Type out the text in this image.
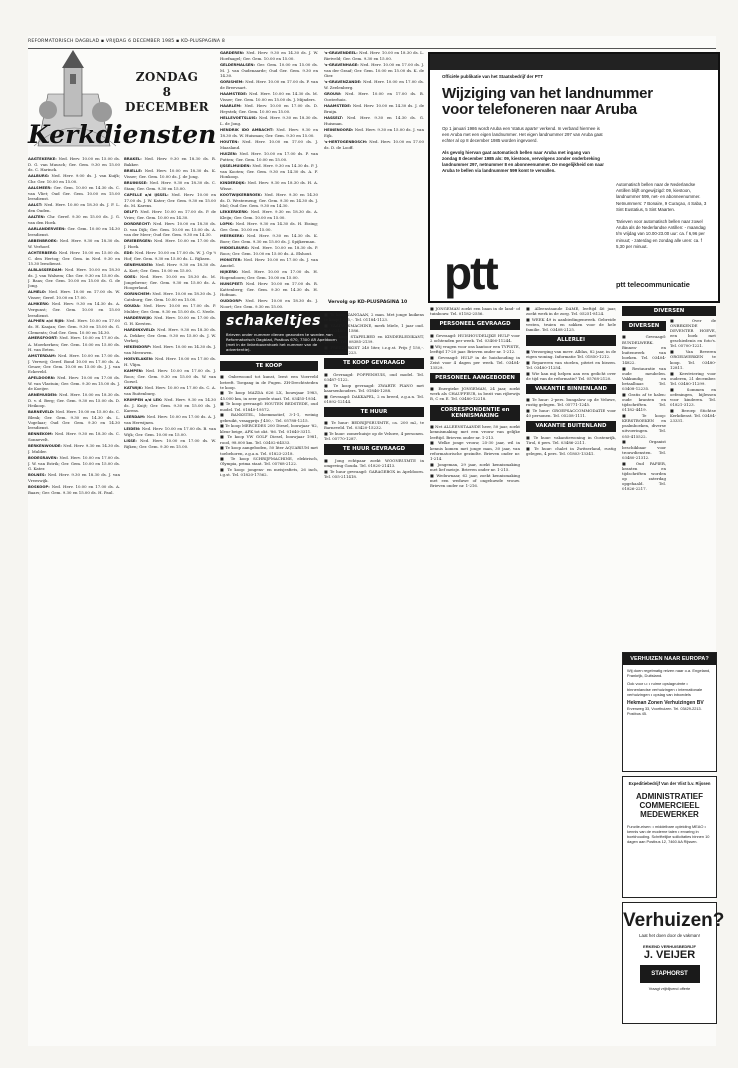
REFORMATORISCH DAGBLAD ▪ VRIJDAG 6 DECEMBER 1985 ▪ KD-PLUSPAGINA 8
Kerkdiensten
ZONDAG
8 DECEMBER

AAGTEKERKE: Ned. Herv. 10.00 en 15.00 ds. D. G. van Muusch; Ger. Gem. 9.30 en 15.00 ds. C. Harinck.

AALBURG: Ned. Herv. 9.00 ds. J. van Kuijk; Chr. Ger. 10.00 en 15.00.

AALSMEER: Ger. Gem. 10.00 en 14.30 ds. C. van Vliet; Oud Ger. Gem. 10.00 en 15.00 leesdienst.

AALST: Ned. Herv. 10.00 en 18.30 ds. J. F. L. den Ouden.

AALTEN: Chr. Geref. 9.30 en 15.00 ds. J. G. van den Hoek.

AARLANDERVEEN: Ger. Gem. 10.00 en 14.30 leesdienst.

ABBENBROEK: Ned. Herv. 9.30 en 18.30 ds. W. Verhoef.

ACHTERBERG: Ned. Herv. 10.00 en 15.00 ds. C. den Hertog; Ger. Gem. in Ned. 9.30 en 15.30 leesdienst.

ALBLASSERDAM: Ned. Herv. 10.00 en 18.30 ds. J. van Walsem; Chr. Ger. 9.30 en 15.00 ds. J. Baas; Ger. Gem. 10.00 en 15.00 ds. G. de Jong.

ALMELO: Ned. Herv. 10.00 en 17.00 ds. W. Visser; Geref. 10.00 en 17.00.

ALMKERK: Ned. Herv. 9.30 en 14.30 ds. A. Vergunst; Ger. Gem. 10.00 en 15.00 leesdienst.

ALPHEN a/d RIJN: Ned. Herv. 10.00 en 17.00 ds. H. Kaajan; Ger. Gem. 9.30 en 15.00 ds. G. Clements; Oud Ger. Gem. 10.00 en 14.30.

AMERSFOORT: Ned. Herv. 10.00 en 17.00 ds. A. Moerkerken; Ger. Gem. 10.00 en 15.00 ds. H. van Eeten.

AMSTERDAM: Ned. Herv. 10.00 en 17.00 ds. J. Verweij; Geref. Bond 10.00 en 17.00 ds. A. Geuze; Ger. Gem. 10.00 en 15.00 ds. J. J. van Eckeveld.

APELDOORN: Ned. Herv. 10.00 en 17.00 ds. W. van Vlastuin; Ger. Gem. 9.30 en 15.00 ds. J. de Koeijer.

ARNEMUIDEN: Ned. Herv. 10.00 en 18.30 ds. D. v. d. Berg; Ger. Gem. 9.30 en 15.00 ds. D. Heikoop.

BARNEVELD: Ned. Herv. 10.00 en 15.00 ds. C. Blenk; Ger. Gem. 9.30 en 14.30 ds. L. Vogelaar; Oud Ger. Gem. 9.30 en 14.30 leesdienst.

BENNEKOM: Ned. Herv. 9.30 en 18.30 ds. C. Sonnevelt.

BERKENWOUDE: Ned. Herv. 9.30 en 14.30 ds. J. Mulder.

BODEGRAVEN: Ned. Herv. 10.00 en 17.00 ds. J. W. van Estrik; Ger. Gem. 10.00 en 15.00 ds. G. Kater.

BOLNES: Ned. Herv. 9.30 en 18.30 ds. J. van Vreeswijk.

BOSKOOP: Ned. Herv. 10.00 en 17.00 ds. A. Baars; Ger. Gem. 9.30 en 15.00 ds. H. Paul.

BRAKEL: Ned. Herv. 9.30 en 18.30 ds. R. Bakker.

BRIELLE: Ned. Herv. 10.00 en 18.30 ds. K. Visser; Ger. Gem. 10.00 ds. J. de Jong.

BRUINISSE: Ned. Herv. 9.30 en 18.30 ds. C. Stam; Ger. Gem. 9.30 en 15.00.

CAPELLE a/d IJSSEL: Ned. Herv. 10.00 en 17.00 ds. J. W. Kater; Ger. Gem. 9.30 en 15.00 ds. M. Karens.

DELFT: Ned. Herv. 10.00 en 17.00 ds. P. de Vries; Ger. Gem. 10.00 en 14.30.

DORDRECHT: Ned. Herv. 10.00 en 18.30 ds. D. van Dijk; Ger. Gem. 10.00 en 15.00 ds. A. van der Meer; Oud Ger. Gem. 9.30 en 14.30.

DRIEBERGEN: Ned. Herv. 10.00 en 17.00 ds. J. Hoek.

EDE: Ned. Herv. 10.00 en 17.00 ds. W. J. Op 't Hof; Ger. Gem. 9.30 en 15.00 ds. L. Rijksen.

GENEMUIDEN: Ned. Herv. 9.30 en 18.30 ds. A. Kort; Ger. Gem. 10.00 en 15.00.

GOES: Ned. Herv. 10.00 en 18.30 ds. M. Jongebreur; Ger. Gem. 9.30 en 15.00 ds. A. Hoogerland.

GORINCHEM: Ned. Herv. 10.00 en 18.30 ds. J. Catsburg; Ger. Gem. 10.00 en 15.00.

GOUDA: Ned. Herv. 10.00 en 17.00 ds. P. Mulder; Ger. Gem. 9.30 en 15.00 ds. C. Neele.

HARDERWIJK: Ned. Herv. 10.00 en 17.00 ds. G. H. Kersten.

HARDINXVELD: Ned. Herv. 9.30 en 18.30 ds. A. Dekker; Ger. Gem. 9.30 en 15.00 ds. J. W. Verheij.

HEKENDORP: Ned. Herv. 10.00 en 14.30 ds. J. van Meeuwen.

HOEVELAKEN: Ned. Herv. 10.00 en 17.00 ds. H. Vlijm.

KAMPEN: Ned. Herv. 10.00 en 17.00 ds. J. Roos; Ger. Gem. 9.30 en 15.00 ds. W. van Gorsel.

KATWIJK: Ned. Herv. 10.00 en 17.00 ds. C. A. van Ruitenburg.

KRIMPEN a/d LEK: Ned. Herv. 9.30 en 14.30 ds. J. Kuijt; Ger. Gem. 9.30 en 15.00 ds. J. Karens.

LEERDAM: Ned. Herv. 10.00 en 17.00 ds. A. J. van Herwijnen.

LEIDEN: Ned. Herv. 10.00 en 17.00 ds. B. van Wijk; Ger. Gem. 10.00 en 15.00.

LISSE: Ned. Herv. 10.00 en 17.00 ds. W. Rijken; Ger. Gem. 9.30 en 15.00.

GARDEREN: Ned. Herv. 9.30 en 14.30 ds. J. W. Hoefnagel; Ger. Gem. 10.00 en 15.00.

GELDERMALSEN: Ger. Gem. 10.00 en 15.00 ds. M. J. van Oudenaarde; Oud Ger. Gem. 9.30 en 14.30.

GORISHEM: Ned. Herv. 10.00 en 17.00 ds. P. van de Breevaart.

HAAMSTEDE: Ned. Herv. 10.00 en 14.30 ds. M. Visser; Ger. Gem. 10.00 en 15.00 ds. J. Mijnders.

HAARLEM: Ned. Herv. 10.00 en 17.00 ds. D. Heystek; Ger. Gem. 10.00 en 15.00.

HELLEVOETSLUIS: Ned. Herv. 9.30 en 18.30 ds. L. de Jong.

HENDRIK IDO AMBACHT: Ned. Herv. 9.30 en 18.30 ds. W. Huisman; Ger. Gem. 9.30 en 15.00.

HOUTEN: Ned. Herv. 10.00 en 17.00 ds. J. Maasland.

HUIZEN: Ned. Herv. 10.00 en 17.00 ds. P. van Putten; Ger. Gem. 10.00 en 15.00.

IJSSELMUIDEN: Ned. Herv. 9.30 en 14.30 ds. P. J. van Kooten; Ger. Gem. 9.30 en 14.30 ds. A. F. Honkoop.

KINDERDIJK: Ned. Herv. 9.30 en 18.30 ds. H. A. Wisse.

KOOTWIJKERBROEK: Ned. Herv. 9.30 en 14.30 ds. D. Westerneng; Ger. Gem. 9.30 en 14.30 ds. J. Mol; Oud Ger. Gem. 9.30 en 14.30.

LEKKERKERK: Ned. Herv. 9.30 en 18.30 ds. A. Kleijn; Ger. Gem. 10.00 en 15.00.

LOPIK: Ned. Herv. 9.30 en 14.30 ds. H. Eising; Ger. Gem. 10.00 en 15.00.

MEERKERK: Ned. Herv. 9.30 en 14.30 ds. K. Boer; Ger. Gem. 9.30 en 15.00 ds. J. Spijkerman.

MIDDELBURG: Ned. Herv. 10.00 en 18.30 ds. P. Roos; Ger. Gem. 10.00 en 15.00 ds. A. Elshout.

MONSTER: Ned. Herv. 10.00 en 17.00 ds. J. van Amstel.

NIJKERK: Ned. Herv. 10.00 en 17.00 ds. H. Hogendoorn; Ger. Gem. 10.00 en 15.00.

NUNSPEET: Ned. Herv. 10.00 en 17.00 ds. R. Kattenberg; Ger. Gem. 9.30 en 14.30 ds. H. Hofman.

OUDDORP: Ned. Herv. 10.00 en 18.30 ds. J. Noort; Ger. Gem. 9.30 en 15.00.

's-GRAVENDEEL: Ned. Herv. 10.00 en 18.30 ds. L. Rietveld; Ger. Gem. 9.30 en 15.00.

's-GRAVENHAGE: Ned. Herv. 10.00 en 17.00 ds. J. van der Graaf; Ger. Gem. 10.00 en 15.00 ds. K. de Gier.

's-GRAVENZANDE: Ned. Herv. 10.00 en 17.00 ds. W. Zeelenberg.

GROUW: Ned. Herv. 10.00 en 17.00 ds. B. Oosterhuis.

HAAMSTEDE: Ned. Herv. 10.00 en 14.30 ds. J. de Bruijn.

HASSELT: Ned. Herv. 9.30 en 14.30 ds. G. Huisman.

HEINENOORD: Ned. Herv. 9.30 en 15.00 ds. J. van Eijk.

's-HERTOGENBOSCH: Ned. Herv. 10.00 en 17.00 ds. D. de Looff.

Vervolg op KD-PLUSPAGINA 10
Officiële publikatie van het Staatsbedrijf der PTT
Wijziging van het landnummer
voor telefoneren naar Aruba

Op 1 januari 1986 wordt Aruba een 'status aparte' verkend. In verband hiermee is een Aruba met een eigen landnummer. Het eigen landnummer 297 van Aruba gaat echter al op 8 december 1985 worden ingevoerd.

Als gevolg hiervan gaat automatisch bellen naar Aruba met ingang van zondag 8 december 1985 als: 09, kiestoon, vervolgens zonder onderbreking landnummer 297, netnummer 8 en abonneenummer. De mogelijkheid om naar Aruba te bellen via landnummer 599 komt te vervallen.

Automatisch bellen naar de Nederlandse Antillen blijft ongewijzigd: 09, kiestoon, landnummer 599, net- en abonneenummer. Netnummers: 7 Bonaire, 9 Curaçao, 4 Saba, 3 Sint Eustatius, 5 Sint Maarten.

Tarieven voor automatisch bellen naar zowel Aruba als de Nederlandse Antillen: - maandag t/m vrijdag van 10.00-23.00 uur: ca. f 6,96 per minuut; - zaterdag en zondag alle uren: ca. f 5,30 per minuut.

ptt	ptt telecommunicatie
schakeltjes
Brieven onder nummer dienen gezonden te worden aan Reformatorisch Dagblad, Postbus 670, 7300 AR Apeldoorn (met in de linkerbovenhoek het nummer van de advertentie).
TE KOOP

■ Onbewoond tot kunst, leest een Voerveld betreft. Toegang in de Fugen. ZH-Drechtsteden te koop.

■ Te koop MAZDA 626 LX, bouwjaar 1983, 45.000 km, in zeer goede staat. Tel. 03455-1934.

■ Te koop gevraagd: HOUTEN BEDSTEDE, oud model. Tel. 01840-19572.

■ BANKSTEL, bloemmotief, 3-1-1, weinig gebruikt, vraagprijs ƒ 450,-. Tel. 05788-1215.

■ Te koop MERCEDES 200 Diesel, bouwjaar '82, kleur beige, APK tot okt. '86. Tel. 01640-3311.

■ Te koop VW GOLF Diesel, bouwjaar 1981, rood, 98.000 km. Tel. 03402-64533.

■ Te koop aangeboden, 50 liter AQUARIUM met toebehoren, z.g.a.n. Tel. 01823-2318.

■ Te koop SCHRIJFMACHINE, elektrisch, Olympia, prima staat. Tel. 05768-2122.

■ Te koop: jongens- en meisjesfiets, 26 inch, i.g.st. Tel. 01820-17562.

■ Te koop ZANGAAN, 2 man. Met jonge kuikens te koop ƒ 225,-. Tel. 01184-1123.

■ VAATWASMACHINE, merk Miele, 1 jaar oud. Tel. 03480-11586.

■ Te koop STAPELBED en KINDERLEDIKANT, grenen. Tel. 08385-2139.

■ FREEZERKIST 240 liter, i.z.g.st. Prijs ƒ 150,-. Tel. 01858-1223.

TE KOOP GEVRAAGD

■ Gevraagd: POPPENHUIS, oud model. Tel. 03487-1122.

■ Te koop gevraagd: ZWARTE PIANO met kaarsenhouders. Tel. 01846-1288.

■ Gevraagd: DAKKAPEL, 2 m breed, z.g.a.n. Tel. 01892-12144.

TE HUUR

■ Te huur: BEDRIJFSRUIMTE, ca. 200 m2, te Barneveld. Tel. 03420-15232.

■ Te huur: zomerhuisje op de Veluwe, 4 personen. Tel. 05770-1287.

TE HUUR GEVRAAGD

■ Jong echtpaar zoekt WOONRUIMTE in omgeving Gouda. Tel. 01820-21413.

■ Te huur gevraagd: GARAGEBOX in Apeldoorn. Tel. 055-211418.

■ JONGEMAN zoekt een baan in de land- of tuinbouw. Tel. 01182-2556.

PERSONEEL GEVRAAGD

■ Gevraagd: HUISHOUDELIJKE HULP voor 2 ochtenden per week. Tel. 03406-11244.

■ Wij vragen voor ons kantoor een TYPISTE, leeftijd 17-20 jaar. Brieven onder nr. 1-212.

■ Gevraagd: HULP in de huishouding in Zeist voor 4 dagen per week. Tel. 03404-13529.

PERSONEEL AANGEBODEN

■ Energieke JONGEMAN, 24 jaar, zoekt werk als CHAUFFEUR, in bezit van rijbewijs B, C en E. Tel. 03480-12218.

CORRESPONDENTIE en KENNISMAKING

■ Net ALLEENSTAANDE heer, 50 jaar, zoekt kennismaking met een vrouw van gelijke leeftijd. Brieven onder nr. 1-213.

■ Welke jonge vrouw, 25-30 jaar, wil in kennis komen met jonge man, 30 jaar, van reformatorische gezindte. Brieven onder nr. 1-214.

■ Jongeman, 29 jaar, zoekt kennismaking met lief meisje. Brieven onder nr. 1-215.

■ Weduwnaar, 62 jaar, zoekt kennismaking met een weduwe of ongehuwde vrouw. Brieven onder nr. 1-216.

■ Alleenstaande DAME, leeftijd 46 jaar, zoekt werk in de zorg. Tel. 05251-8124.

■ WEEK 49 is aanbiedingenweek. Gebreide vesten, truien en sokken voor de hele familie. Tel. 03408-2125.

ALLERLEI

■ Verzorging van mevr. Alblas, 82 jaar, in de eigen woning. Informatie Tel. 01850-1212.

■ Repareren van stoelen, pitriet en biezen. Tel. 03480-11254.

■ Wie kan mij helpen aan een gedicht over de tijd van de reformatie? Tel. 05768-2120.

VAKANTIE BINNENLAND

■ Te huur: 2-pers. bungalow op de Veluwe, rustig gelegen. Tel. 05771-1245.

■ Te huur: GROEPSACCOMMODATIE voor 40 personen. Tel. 05258-1111.

VAKANTIE BUITENLAND

■ Te huur: vakantiewoning in Oostenrijk, Tirol, 6 pers. Tel. 03486-2211.

■ Te huur: chalet in Zwitserland, rustig gelegen, 4 pers. Tel. 01803-13341.

DIVERSEN

■ Gevraagd: BUNDELWERK. Binnen- en buitenwerk van boeken. Tel. 03404-14822.

■ Restauratie van oude meubelen. Vakkundig en betaalbaar. Tel. 03408-12235.

■ Gratis af te halen: oude kranten en tijdschriften. Tel. 01182-4419.

■ Te koop: KERSTBOEKEN en psalmboeken, diverse uitvoeringen. Tel. 055-415522.

■ Organist beschikbaar voor trouwdiensten. Tel. 03480-21312.

■ Oud PAPIER, kranten en tijdschriften worden op zaterdag opgehaald. Tel. 01826-2217.

■ Over de ONBEKENDE DEVENTER HOEVE, een boek met geschiedenis en foto's. Tel. 05700-1221.

■ Van Beveren ORGELWERKEN te koop. Tel. 03480-12811.

■ Kerstviering voor ouderen, 21 december. Tel. 03480-11299.

■ Sommen en oefeningen, bijlessen voor kinderen. Tel. 01821-3123.

■ Beroep Stichtse Kerkdienst. Tel. 03404-23331.

DIVERSEN
VERHUIZEN NAAR EUROPA?
Wij doen regelmatig reizen naar o.a. Engeland, Frankrijk, Duitsland.
Ook voor u: • ruime opslagruimte • binnenlandse verhuizingen • internationale verhuizingen • opslag van inboedels
Hekman Zonen Verhuizingen BV
Ervenweg 33, Voorthuizen. Tel. 03429-2213. Postbus 45.
Expeditiebedrijf Van der Vlist b.v. Rijssen
ADMINISTRATIEF COMMERCIEEL MEDEWERKER
Functie-eisen: • middelbare opleiding MEAO • kennis van de moderne talen • ervaring in boekhouding. Schriftelijke sollicitaties binnen 10 dagen aan Postbus 12, 7460 AA Rijssen.
Verhuizen?
Laat het doen door de vakman!
ERKEND VERHUISBEDRIJF
J. VEIJER
STAPHORST
Vraagt vrijblijvend offerte
